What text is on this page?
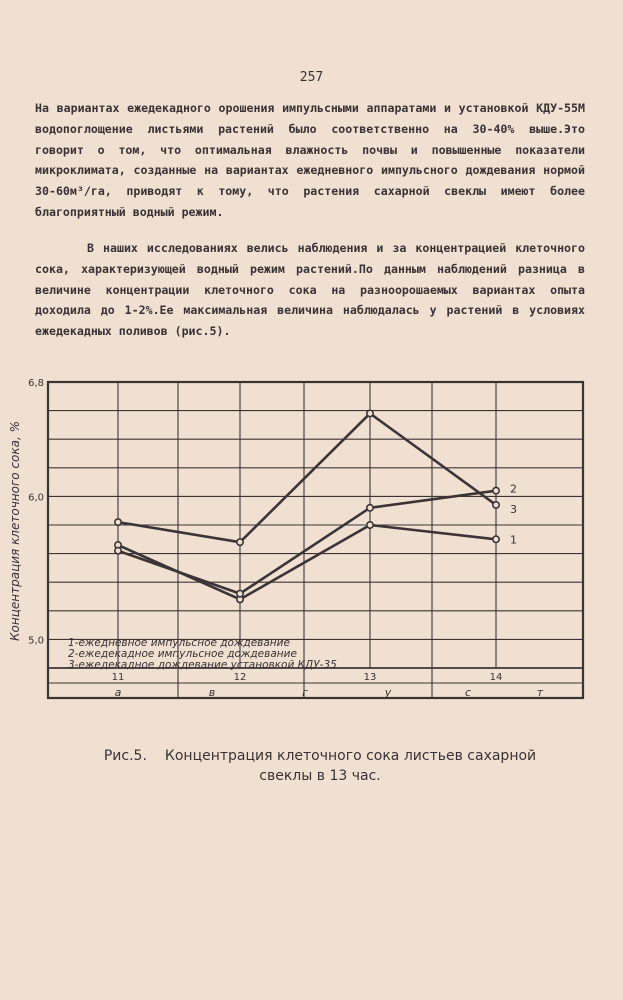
257

На вариантах ежедекадного орошения импульсными аппаратами и установкой КДУ-55М водопоглощение листьями растений было соответственно на 30-40% выше.Это говорит о том, что оптимальная влажность почвы и повышенные показатели микроклимата, созданные на вариантах ежедневного импульсного дождевания нормой 30-60м³/га, приводят к тому, что растения сахарной свеклы имеют более благоприятный водный режим.

В наших исследованиях велись наблюдения и за концентрацией клеточного сока, характеризующей водный режим растений.По данным наблюдений разница в величине концентрации клеточного сока на разноорошаемых вариантах опыта доходила до 1-2%.Ее максимальная величина наблюдалась у растений в условиях ежедекадных поливов (рис.5).

5,0
6,0
6,8
11	12	13	14
а	в	г	у	с	т
Концентрация клеточного сока, %	1
2
3
1-ежедневное импульсное дождевание
2-ежедекадное импульсное дождевание
3-ежедекадное дождевание установкой КДУ-35
Рис.5. Концентрация клеточного сока листьев сахарной
свеклы в 13 час.
